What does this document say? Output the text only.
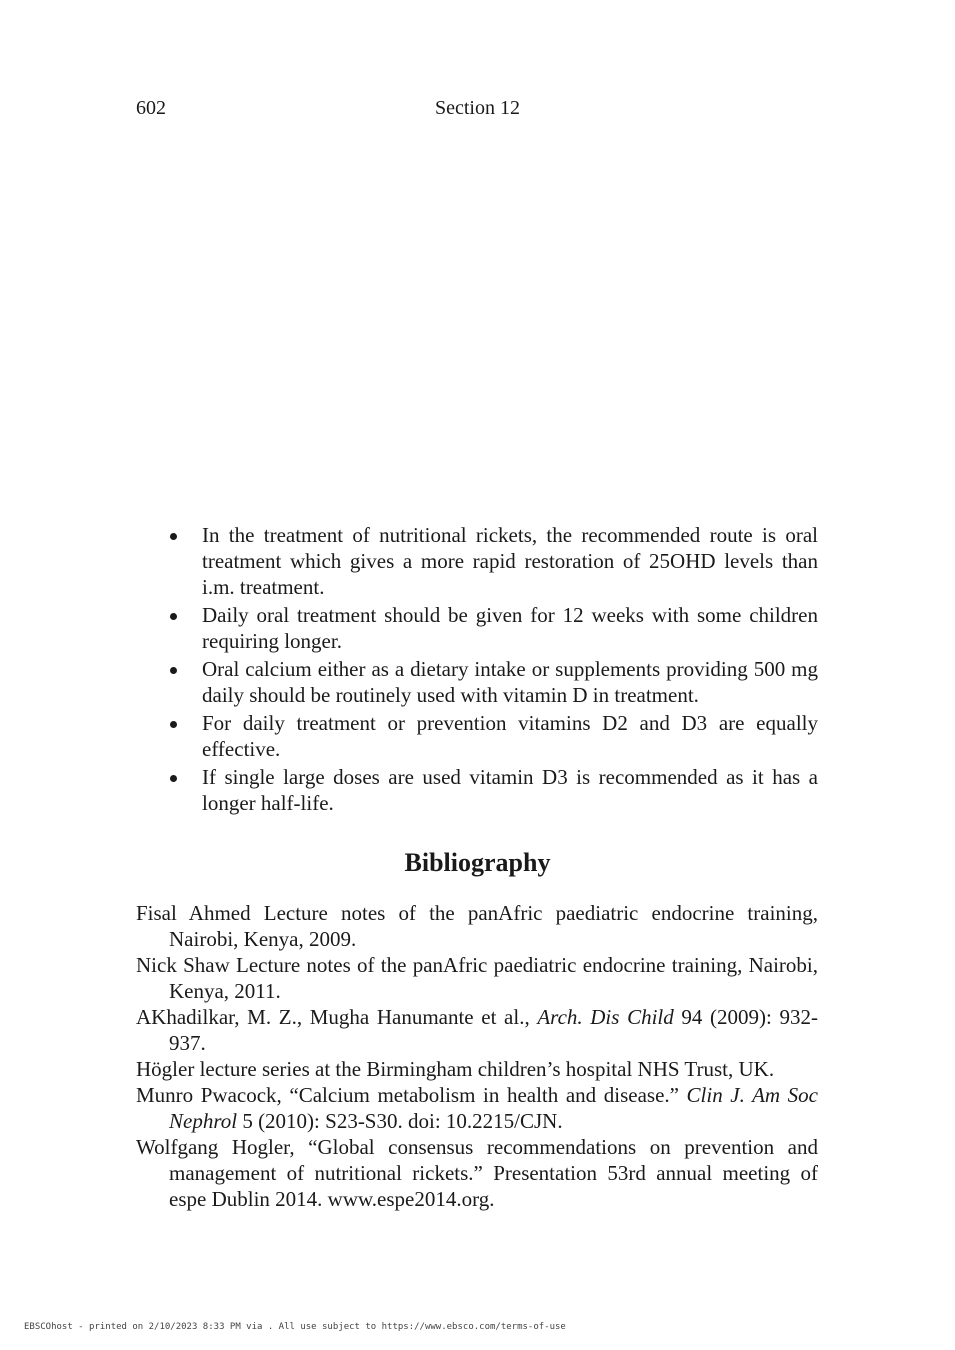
602	Section 12
In the treatment of nutritional rickets, the recommended route is oral treatment which gives a more rapid restoration of 25OHD levels than i.m. treatment.
Daily oral treatment should be given for 12 weeks with some children requiring longer.
Oral calcium either as a dietary intake or supplements providing 500 mg daily should be routinely used with vitamin D in treatment.
For daily treatment or prevention vitamins D2 and D3 are equally effective.
If single large doses are used vitamin D3 is recommended as it has a longer half-life.
Bibliography
Fisal Ahmed Lecture notes of the panAfric paediatric endocrine training, Nairobi, Kenya, 2009.
Nick Shaw Lecture notes of the panAfric paediatric endocrine training, Nairobi, Kenya, 2011.
AKhadilkar, M. Z., Mugha Hanumante et al., Arch. Dis Child 94 (2009): 932-937.
Högler lecture series at the Birmingham children’s hospital NHS Trust, UK.
Munro Pwacock, “Calcium metabolism in health and disease.” Clin J. Am Soc Nephrol 5 (2010): S23-S30. doi: 10.2215/CJN.
Wolfgang Hogler, “Global consensus recommendations on prevention and management of nutritional rickets.” Presentation 53rd annual meeting of espe Dublin 2014. www.espe2014.org.
EBSCOhost - printed on 2/10/2023 8:33 PM via . All use subject to https://www.ebsco.com/terms-of-use
